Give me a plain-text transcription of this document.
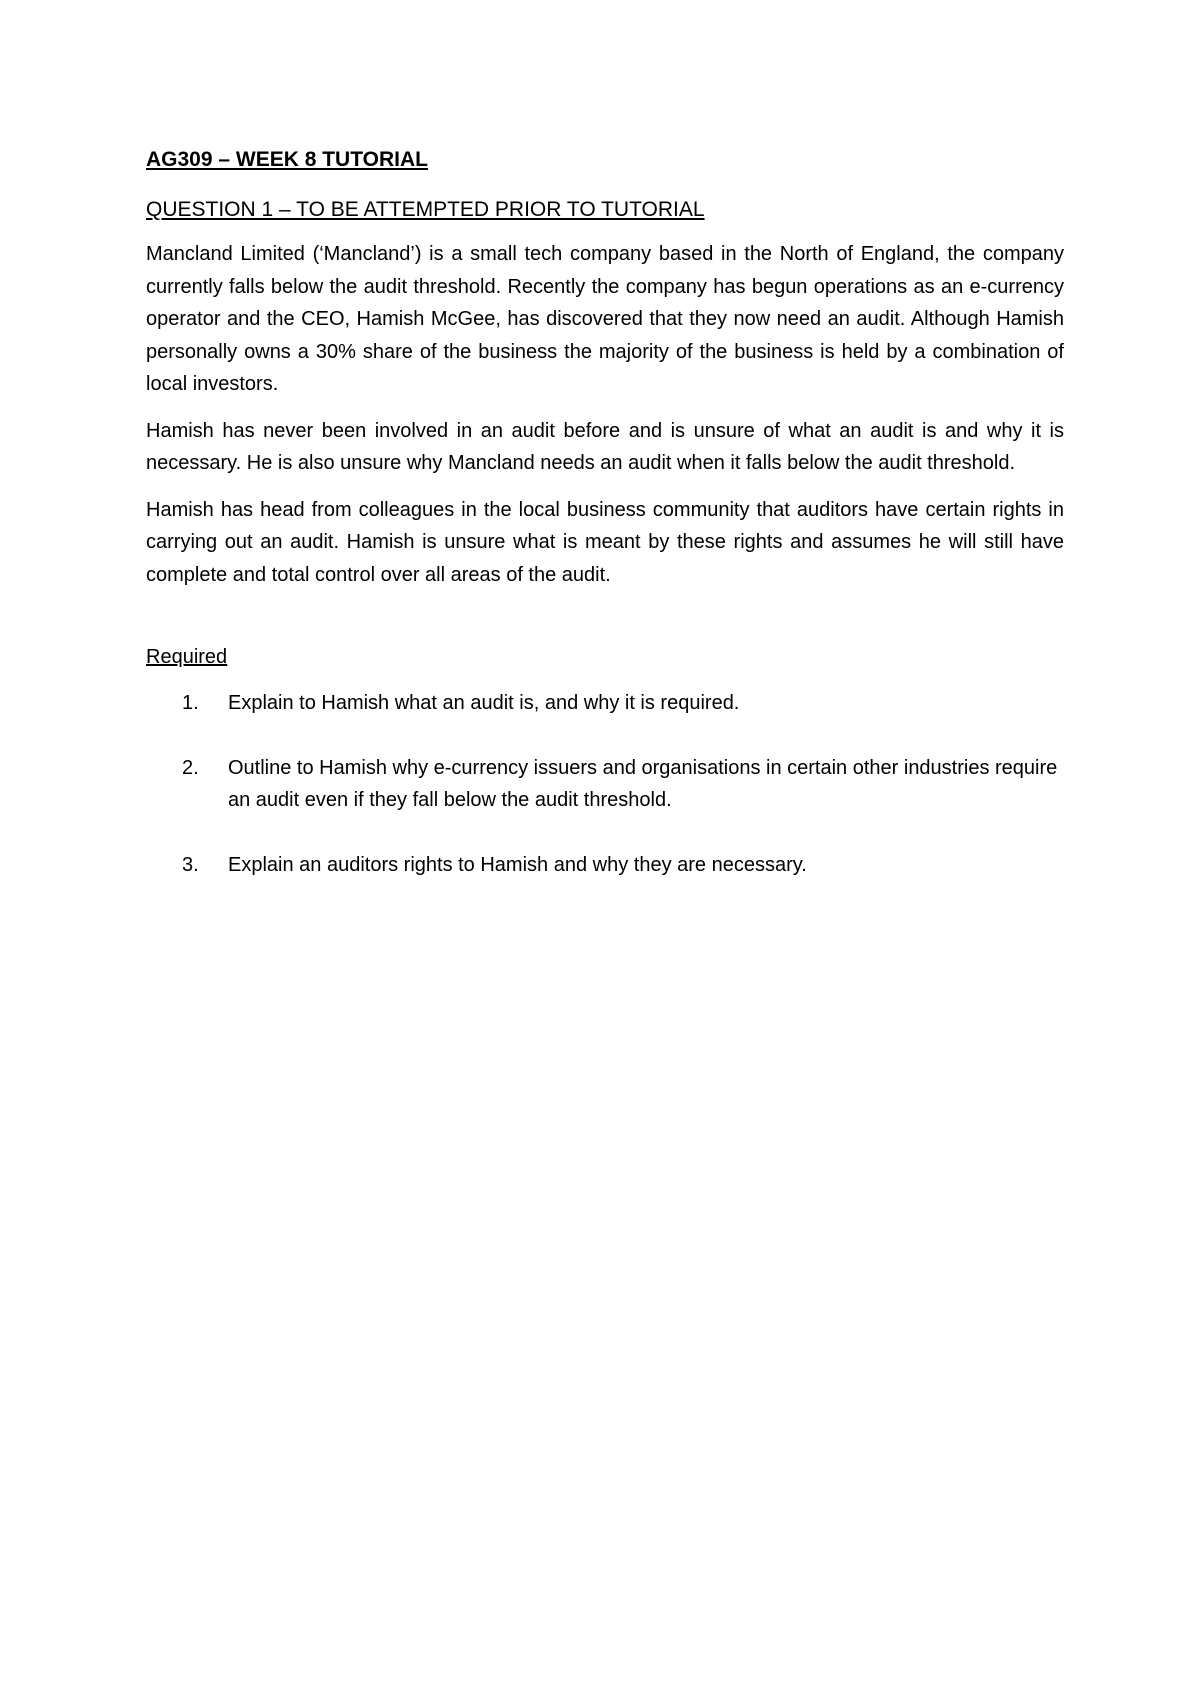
AG309 – WEEK 8 TUTORIAL
QUESTION 1 – TO BE ATTEMPTED PRIOR TO TUTORIAL

Mancland Limited (‘Mancland’) is a small tech company based in the North of England, the company currently falls below the audit threshold. Recently the company has begun operations as an e-currency operator and the CEO, Hamish McGee, has discovered that they now need an audit. Although Hamish personally owns a 30% share of the business the majority of the business is held by a combination of local investors.

Hamish has never been involved in an audit before and is unsure of what an audit is and why it is necessary. He is also unsure why Mancland needs an audit when it falls below the audit threshold.

Hamish has head from colleagues in the local business community that auditors have certain rights in carrying out an audit. Hamish is unsure what is meant by these rights and assumes he will still have complete and total control over all areas of the audit.

Required
1.	Explain to Hamish what an audit is, and why it is required.
2.	Outline to Hamish why e-currency issuers and organisations in certain other industries require an audit even if they fall below the audit threshold.
3.	Explain an auditors rights to Hamish and why they are necessary.
